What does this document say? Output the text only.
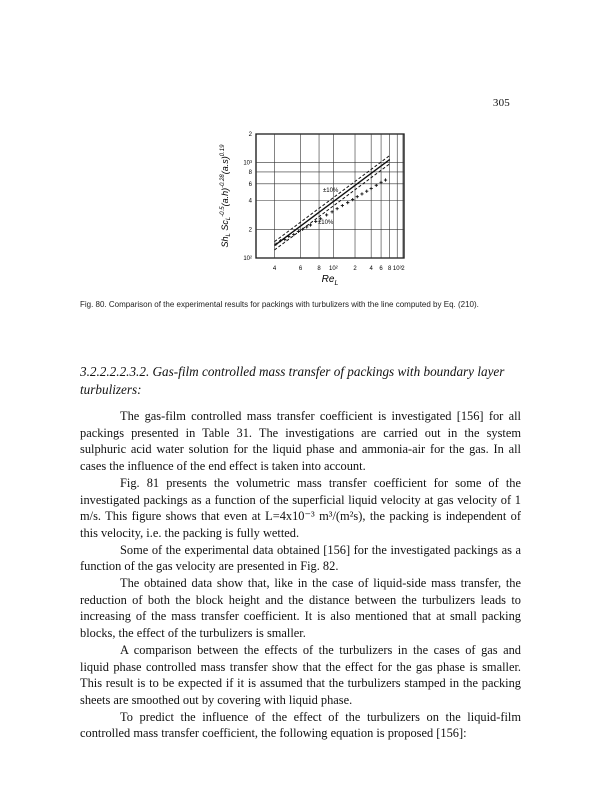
305
4	6	8 10²	2 4 6 8 10³ 2
10²
2
4
6
8
10³
2
$Re_L$
$Sh_L$ $Sc_L^{-0.5}(a.h)^{-0.28}(a.s)^{0.19}$
±10%
±10%
Fig. 80. Comparison of the experimental results for packings with turbulizers with the line computed by Eq. (210).
3.2.2.2.2.3.2. Gas-film controlled mass transfer of packings with boundary layer turbulizers:

The gas-film controlled mass transfer coefficient is investigated [156] for all packings presented in Table 31. The investigations are carried out in the system sulphuric acid water solution for the liquid phase and ammonia-air for the gas. In all cases the influence of the end effect is taken into account.

Fig. 81 presents the volumetric mass transfer coefficient for some of the investigated packings as a function of the superficial liquid velocity at gas velocity of 1 m/s. This figure shows that even at L=4x10⁻³ m³/(m²s), the packing is independent of this velocity, i.e. the packing is fully wetted.

Some of the experimental data obtained [156] for the investigated packings as a function of the gas velocity are presented in Fig. 82.

The obtained data show that, like in the case of liquid-side mass transfer, the reduction of both the block height and the distance between the turbulizers leads to increasing of the mass transfer coefficient. It is also mentioned that at small packing blocks, the effect of the turbulizers is smaller.

A comparison between the effects of the turbulizers in the cases of gas and liquid phase controlled mass transfer show that the effect for the gas phase is smaller. This result is to be expected if it is assumed that the turbulizers stamped in the packing sheets are smoothed out by covering with liquid phase.

To predict the influence of the effect of the turbulizers on the liquid-film controlled mass transfer coefficient, the following equation is proposed [156]:
